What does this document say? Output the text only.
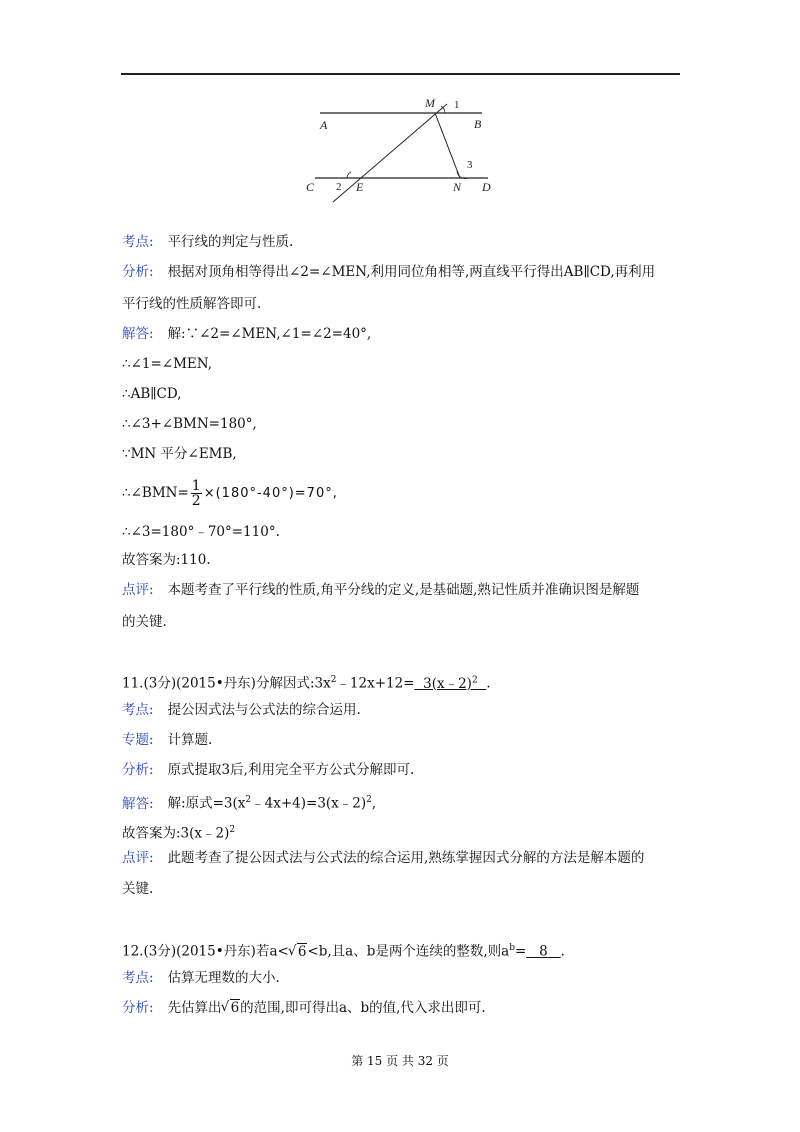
M 1
A	B
3
C 2 E	N D
考点: 平行线的判定与性质.
分析: 根据对顶角相等得出∠2=∠MEN,利用同位角相等,两直线平行得出AB∥CD,再利用
平行线的性质解答即可.
解答: 解:∵∠2=∠MEN,∠1=∠2=40°,
∴∠1=∠MEN,
∴AB∥CD,
∴∠3+∠BMN=180°,
∵MN 平分∠EMB,
∴∠BMN= $\frac{1}{2} \times(180^\circ-40^\circ)=70^\circ$,
∴∠3=180°﹣70°=110°.
故答案为:110.
点评: 本题考查了平行线的性质,角平分线的定义,是基础题,熟记性质并准确识图是解题
的关键.
11.(3分)(2015•丹东)分解因式$:3x^2﹣12x+12=$ 3(x﹣2)$^2$ .
考点: 提公因式法与公式法的综合运用.
专题: 计算题.
分析: 原式提取3后,利用完全平方公式分解即可.
解答: 解:原式$=3(x^2﹣4x+4)=3(x﹣2)^2$,
故答案为:3(x﹣2)$^2$
点评: 此题考查了提公因式法与公式法的综合运用,熟练掌握因式分解的方法是解本题的
关键.
12.(3分)(2015•丹东)若a< √ 6<b,且a、b是两个连续的整数,则$a^b= 8$ .
考点: 估算无理数的大小.
分析: 先估算出 √ 6的范围,即可得出a、b的值,代入求出即可.
第 15 页 共 32 页
